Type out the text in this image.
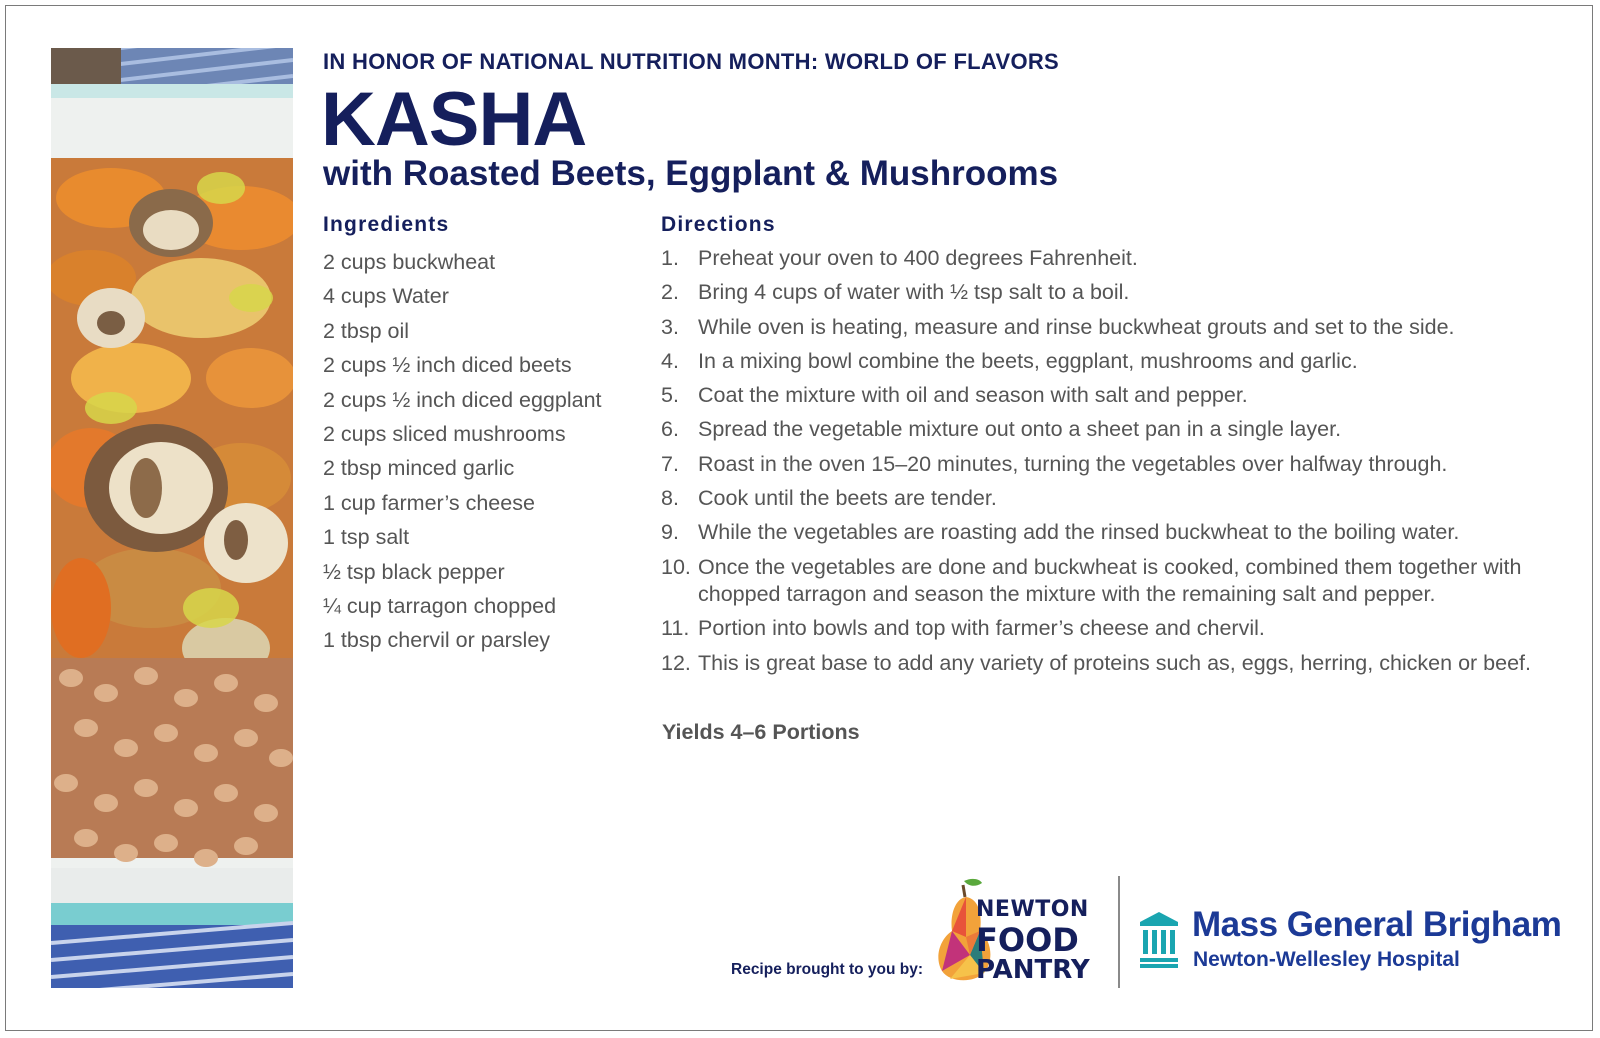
IN HONOR OF NATIONAL NUTRITION MONTH: WORLD OF FLAVORS
KASHA
with Roasted Beets, Eggplant & Mushrooms
Ingredients
2 cups buckwheat
4 cups Water
2 tbsp oil
2 cups ½ inch diced beets
2 cups ½ inch diced eggplant
2 cups sliced mushrooms
2 tbsp minced garlic
1 cup farmer’s cheese
1 tsp salt
½ tsp black pepper
¼ cup tarragon chopped
1 tbsp chervil or parsley
Directions
1. Preheat your oven to 400 degrees Fahrenheit.
2. Bring 4 cups of water with ½ tsp salt to a boil.
3. While oven is heating, measure and rinse buckwheat grouts and set to the side.
4. In a mixing bowl combine the beets, eggplant, mushrooms and garlic.
5. Coat the mixture with oil and season with salt and pepper.
6. Spread the vegetable mixture out onto a sheet pan in a single layer.
7. Roast in the oven 15–20 minutes, turning the vegetables over halfway through.
8. Cook until the beets are tender.
9. While the vegetables are roasting add the rinsed buckwheat to the boiling water.
10. Once the vegetables are done and buckwheat is cooked, combined them together with chopped tarragon and season the mixture with the remaining salt and pepper.
11. Portion into bowls and top with farmer’s cheese and chervil.
12. This is great base to add any variety of proteins such as, eggs, herring, chicken or beef.

Yields 4–6 Portions

Recipe brought to you by:

NEWTON
FOOD
PANTRY

Mass General Brigham

Newton-Wellesley Hospital
